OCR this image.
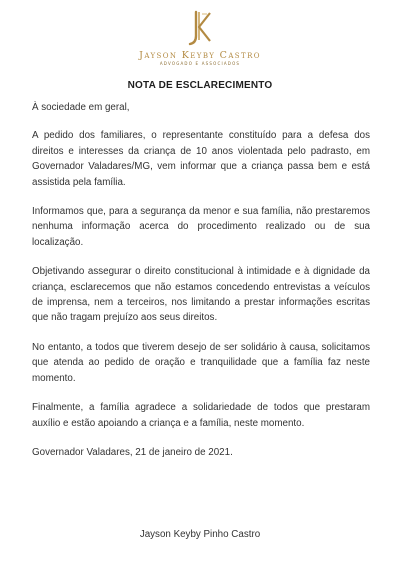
Jayson Keyby Castro
ADVOGADO E ASSOCIADOS
NOTA DE ESCLARECIMENTO

À sociedade em geral,

A pedido dos familiares, o representante constituído para a defesa dos direitos e interesses da criança de 10 anos violentada pelo padrasto, em Governador Valadares/MG, vem informar que a criança passa bem e está assistida pela família.

Informamos que, para a segurança da menor e sua família, não prestaremos nenhuma informação acerca do procedimento realizado ou de sua localização.

Objetivando assegurar o direito constitucional à intimidade e à dignidade da criança, esclarecemos que não estamos concedendo entrevistas a veículos de imprensa, nem a terceiros, nos limitando a prestar informações escritas que não tragam prejuízo aos seus direitos.

No entanto, a todos que tiverem desejo de ser solidário à causa, solicitamos que atenda ao pedido de oração e tranquilidade que a família faz neste momento.

Finalmente, a família agradece a solidariedade de todos que prestaram auxílio e estão apoiando a criança e a família, neste momento.

Governador Valadares, 21 de janeiro de 2021.

Jayson Keyby Pinho Castro
